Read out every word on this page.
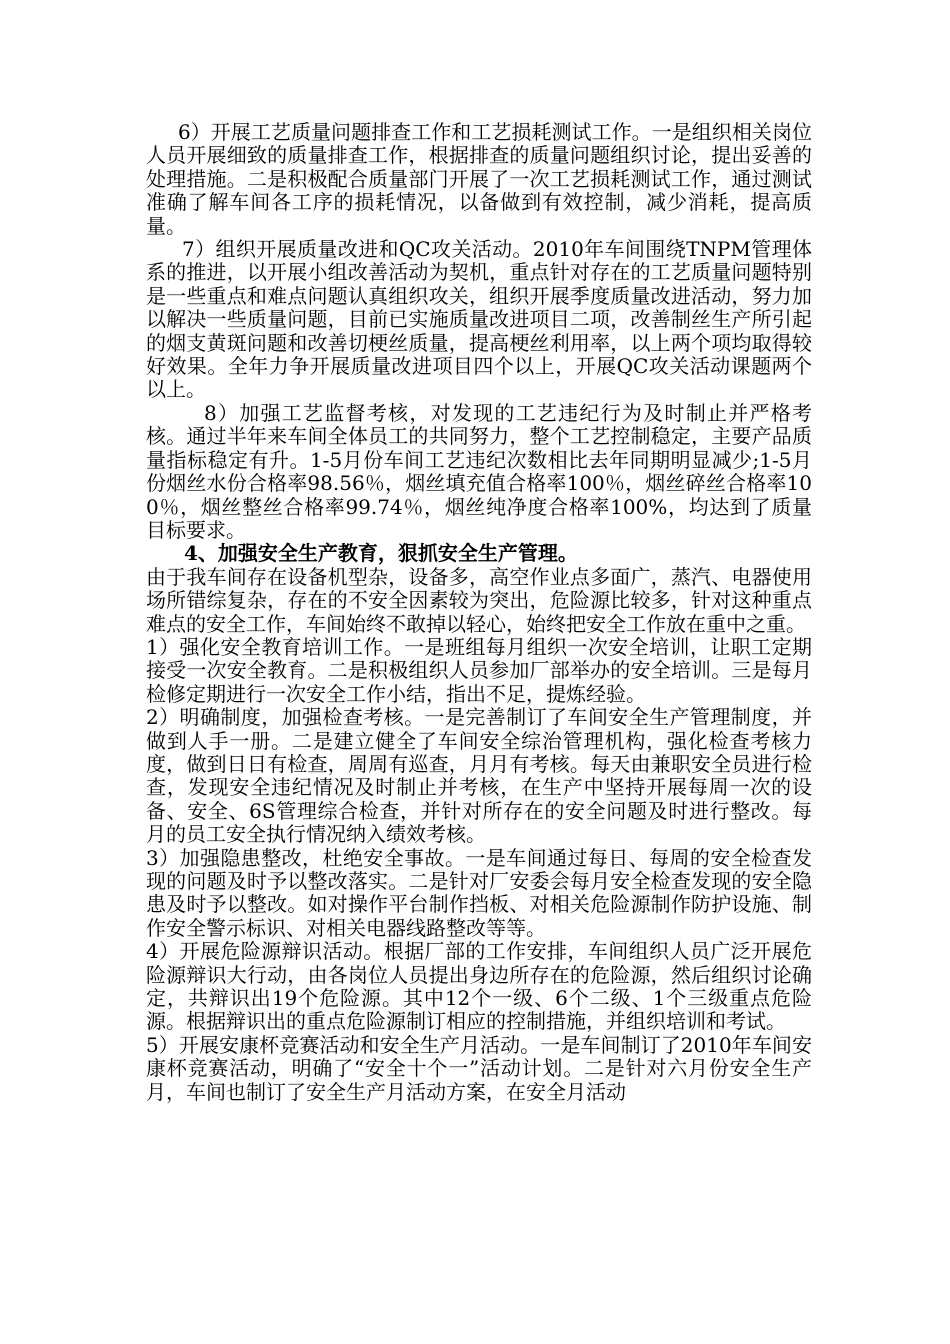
6）开展工艺质量问题排查工作和工艺损耗测试工作。一是组织相关岗位人员开展细致的质量排查工作，根据排查的质量问题组织讨论，提出妥善的处理措施。二是积极配合质量部门开展了一次工艺损耗测试工作，通过测试准确了解车间各工序的损耗情况，以备做到有效控制，减少消耗，提高质量。

7）组织开展质量改进和QC攻关活动。2010年车间围绕TNPM管理体系的推进，以开展小组改善活动为契机，重点针对存在的工艺质量问题特别是一些重点和难点问题认真组织攻关，组织开展季度质量改进活动，努力加以解决一些质量问题，目前已实施质量改进项目二项，改善制丝生产所引起的烟支黄斑问题和改善切梗丝质量，提高梗丝利用率，以上两个项均取得较好效果。全年力争开展质量改进项目四个以上，开展QC攻关活动课题两个以上。

8）加强工艺监督考核，对发现的工艺违纪行为及时制止并严格考核。通过半年来车间全体员工的共同努力，整个工艺控制稳定，主要产品质量指标稳定有升。1-5月份车间工艺违纪次数相比去年同期明显减少;1-5月份烟丝水份合格率98.56％，烟丝填充值合格率100％，烟丝碎丝合格率100％，烟丝整丝合格率99.74％，烟丝纯净度合格率100%，均达到了质量目标要求。

4、加强安全生产教育，狠抓安全生产管理。

由于我车间存在设备机型杂，设备多，高空作业点多面广，蒸汽、电器使用场所错综复杂，存在的不安全因素较为突出，危险源比较多，针对这种重点难点的安全工作，车间始终不敢掉以轻心，始终把安全工作放在重中之重。

1）强化安全教育培训工作。一是班组每月组织一次安全培训，让职工定期接受一次安全教育。二是积极组织人员参加厂部举办的安全培训。三是每月检修定期进行一次安全工作小结，指出不足，提炼经验。

2）明确制度，加强检查考核。一是完善制订了车间安全生产管理制度，并做到人手一册。二是建立健全了车间安全综治管理机构，强化检查考核力度，做到日日有检查，周周有巡查，月月有考核。每天由兼职安全员进行检查，发现安全违纪情况及时制止并考核，在生产中坚持开展每周一次的设备、安全、6S管理综合检查，并针对所存在的安全问题及时进行整改。每月的员工安全执行情况纳入绩效考核。

3）加强隐患整改，杜绝安全事故。一是车间通过每日、每周的安全检查发现的问题及时予以整改落实。二是针对厂安委会每月安全检查发现的安全隐患及时予以整改。如对操作平台制作挡板、对相关危险源制作防护设施、制作安全警示标识、对相关电器线路整改等等。

4）开展危险源辩识活动。根据厂部的工作安排，车间组织人员广泛开展危险源辩识大行动，由各岗位人员提出身边所存在的危险源，然后组织讨论确定，共辩识出19个危险源。其中12个一级、6个二级、1个三级重点危险源。根据辩识出的重点危险源制订相应的控制措施，并组织培训和考试。

5）开展安康杯竞赛活动和安全生产月活动。一是车间制订了2010年车间安康杯竞赛活动，明确了“安全十个一”活动计划。二是针对六月份安全生产月，车间也制订了安全生产月活动方案，在安全月活动
